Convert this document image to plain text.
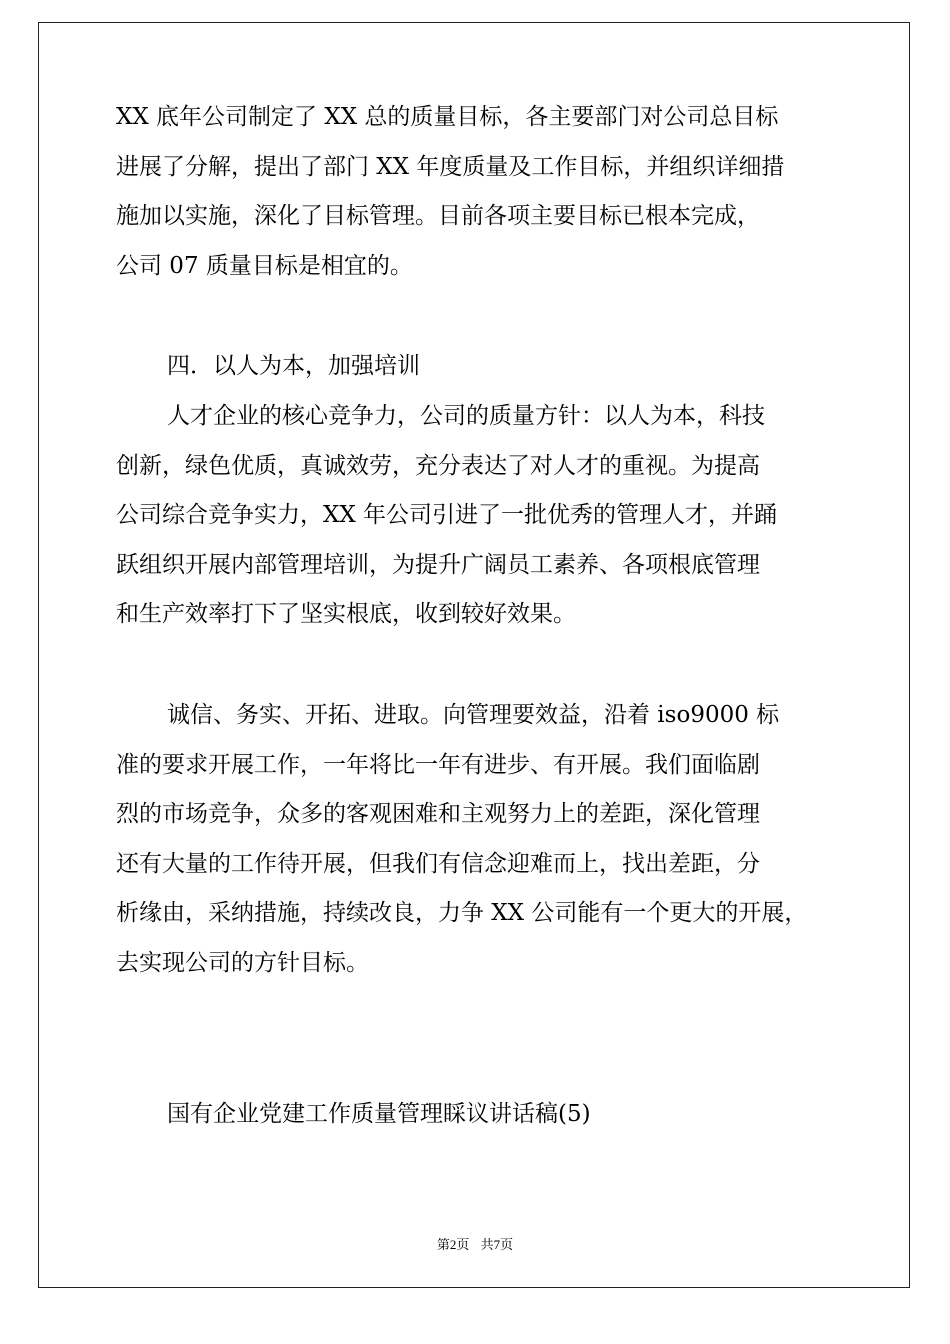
XX 底年公司制定了 XX 总的质量目标，各主要部门对公司总目标
进展了分解，提出了部门 XX 年度质量及工作目标，并组织详细措
施加以实施，深化了目标管理。目前各项主要目标已根本完成，
公司 07 质量目标是相宜的。
四．以人为本，加强培训
人才企业的核心竞争力，公司的质量方针：以人为本，科技
创新，绿色优质，真诚效劳，充分表达了对人才的重视。为提高
公司综合竞争实力，XX 年公司引进了一批优秀的管理人才，并踊
跃组织开展内部管理培训，为提升广阔员工素养、各项根底管理
和生产效率打下了坚实根底，收到较好效果。
诚信、务实、开拓、进取。向管理要效益，沿着 iso9000 标
准的要求开展工作，一年将比一年有进步、有开展。我们面临剧
烈的市场竞争，众多的客观困难和主观努力上的差距，深化管理
还有大量的工作待开展，但我们有信念迎难而上，找出差距，分
析缘由，采纳措施，持续改良，力争 XX 公司能有一个更大的开展，
去实现公司的方针目标。
国有企业党建工作质量管理睬议讲话稿(5)
第2页 共7页
